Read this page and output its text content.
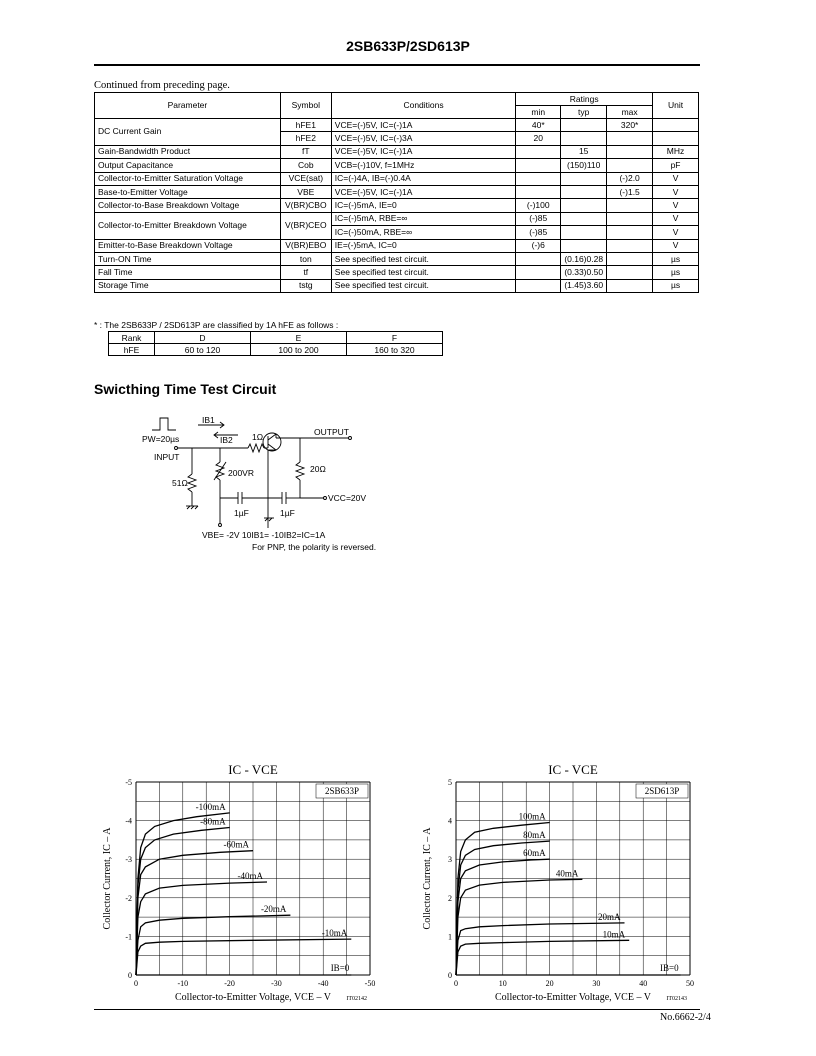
2SB633P/2SD613P
Continued from preceding page.
Parameter	Symbol	Conditions	Ratings			Unit
			min	typ	max	
DC Current Gain	hFE1	VCE=(-)5V, IC=(-)1A	40*		320*	
	hFE2	VCE=(-)5V, IC=(-)3A	20			
Gain-Bandwidth Product	fT	VCE=(-)5V, IC=(-)1A		15		MHz
Output Capacitance	Cob	VCB=(-)10V, f=1MHz		(150)110		pF
Collector-to-Emitter Saturation Voltage	VCE(sat)	IC=(-)4A, IB=(-)0.4A			(-)2.0	V
Base-to-Emitter Voltage	VBE	VCE=(-)5V, IC=(-)1A			(-)1.5	V
Collector-to-Base Breakdown Voltage	V(BR)CBO	IC=(-)5mA, IE=0	(-)100			V
Collector-to-Emitter Breakdown Voltage	V(BR)CEO	IC=(-)5mA, RBE=∞	(-)85			V
		IC=(-)50mA, RBE=∞	(-)85			V
Emitter-to-Base Breakdown Voltage	V(BR)EBO	IE=(-)5mA, IC=0	(-)6			V
Turn-ON Time	ton	See specified test circuit.		(0.16)0.28		µs
Fall Time	tf	See specified test circuit.		(0.33)0.50		µs
Storage Time	tstg	See specified test circuit.		(1.45)3.60		µs
* : The 2SB633P / 2SD613P are classified by 1A hFE as follows :
Rank	D	E	F
hFE	60 to 120	100 to 200	160 to 320
Swicthing Time Test Circuit
PW=20µs
INPUT
IB1
IB2 1Ω	OUTPUT
200VR	20Ω
51Ω
1µF	1µF
VCC=20V
VBE= -2V 10IB1= -10IB2=IC=1A
For PNP, the polarity is reversed.
IC - VCE
0	-10	-20	-30	-40	-50
0
-1
-2
-3
-4
-5
2SB633P
Collector-to-Emitter Voltage, VCE – V
Collector Current, IC – A
IT02142
-100mA
-80mA
-60mA
-40mA
-20mA
-10mA
IB=0
IC - VCE
0	10	20	30	40	50
0
1
2
3
4
5
2SD613P
Collector-to-Emitter Voltage, VCE – V
Collector Current, IC – A
IT02143
100mA
80mA
60mA
40mA
20mA
10mA
IB=0
No.6662-2/4
